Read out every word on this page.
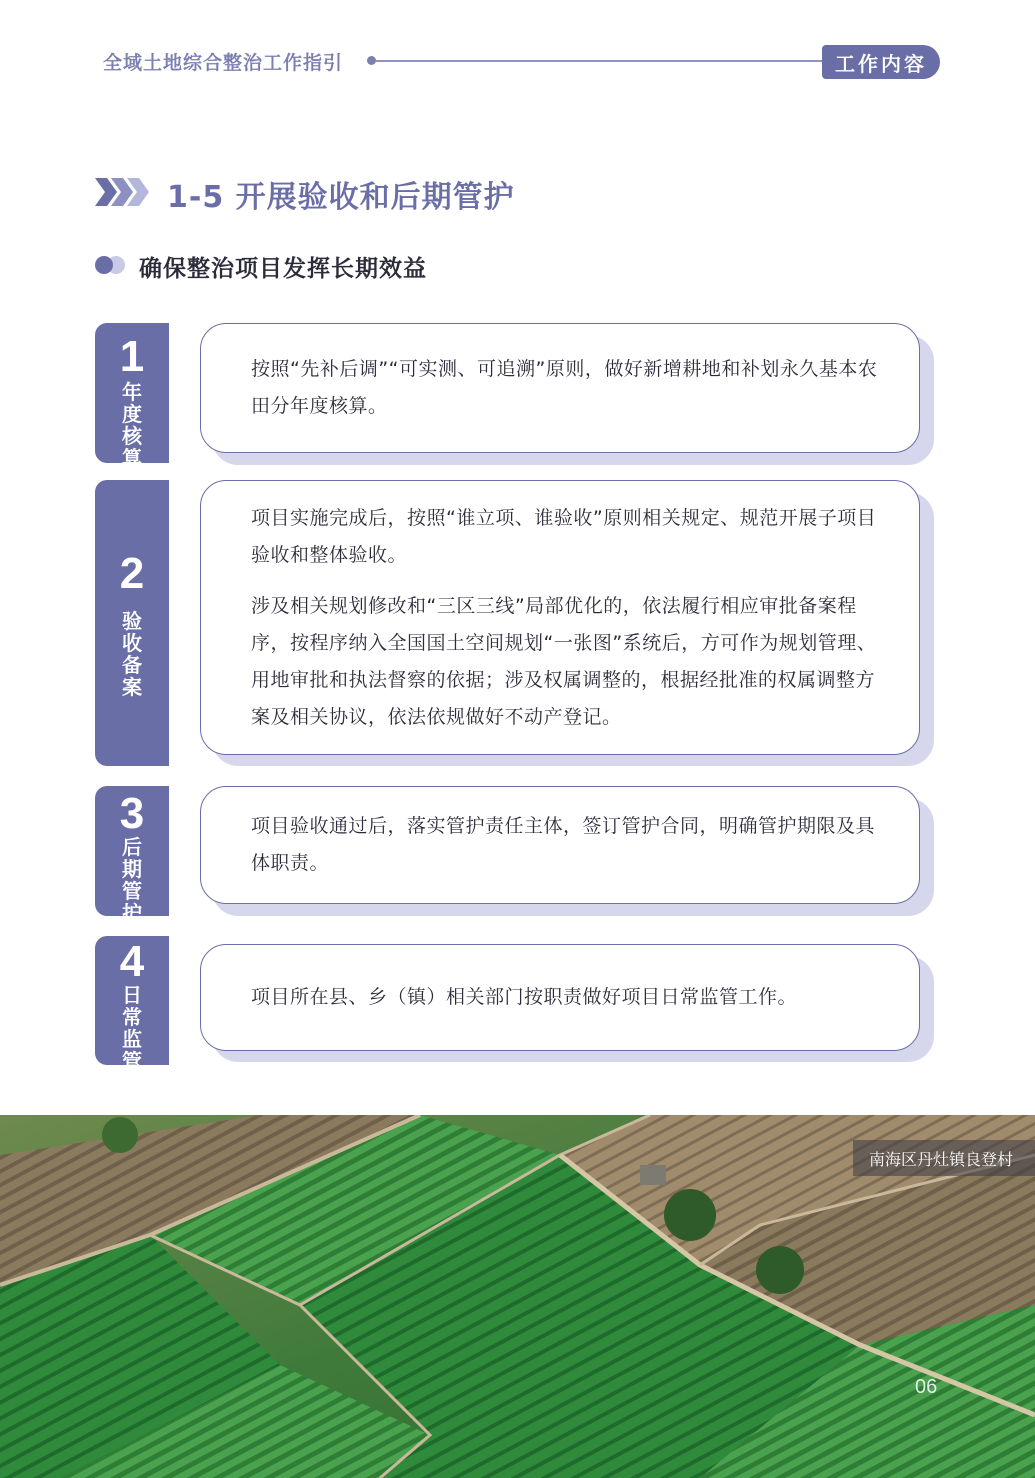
全域土地综合整治工作指引	工作内容
1-5 开展验收和后期管护
确保整治项目发挥长期效益
1
年度核算

按照“先补后调”“可实测、可追溯”原则，做好新增耕地和补划永久基本农田分年度核算。

2
验收备案

项目实施完成后，按照“谁立项、谁验收”原则相关规定、规范开展子项目验收和整体验收。

涉及相关规划修改和“三区三线”局部优化的，依法履行相应审批备案程序，按程序纳入全国国土空间规划“一张图”系统后，方可作为规划管理、用地审批和执法督察的依据；涉及权属调整的，根据经批准的权属调整方案及相关协议，依法依规做好不动产登记。

3
后期管护

项目验收通过后，落实管护责任主体，签订管护合同，明确管护期限及具体职责。

4
日常监管

项目所在县、乡（镇）相关部门按职责做好项目日常监管工作。

南海区丹灶镇良登村
06
